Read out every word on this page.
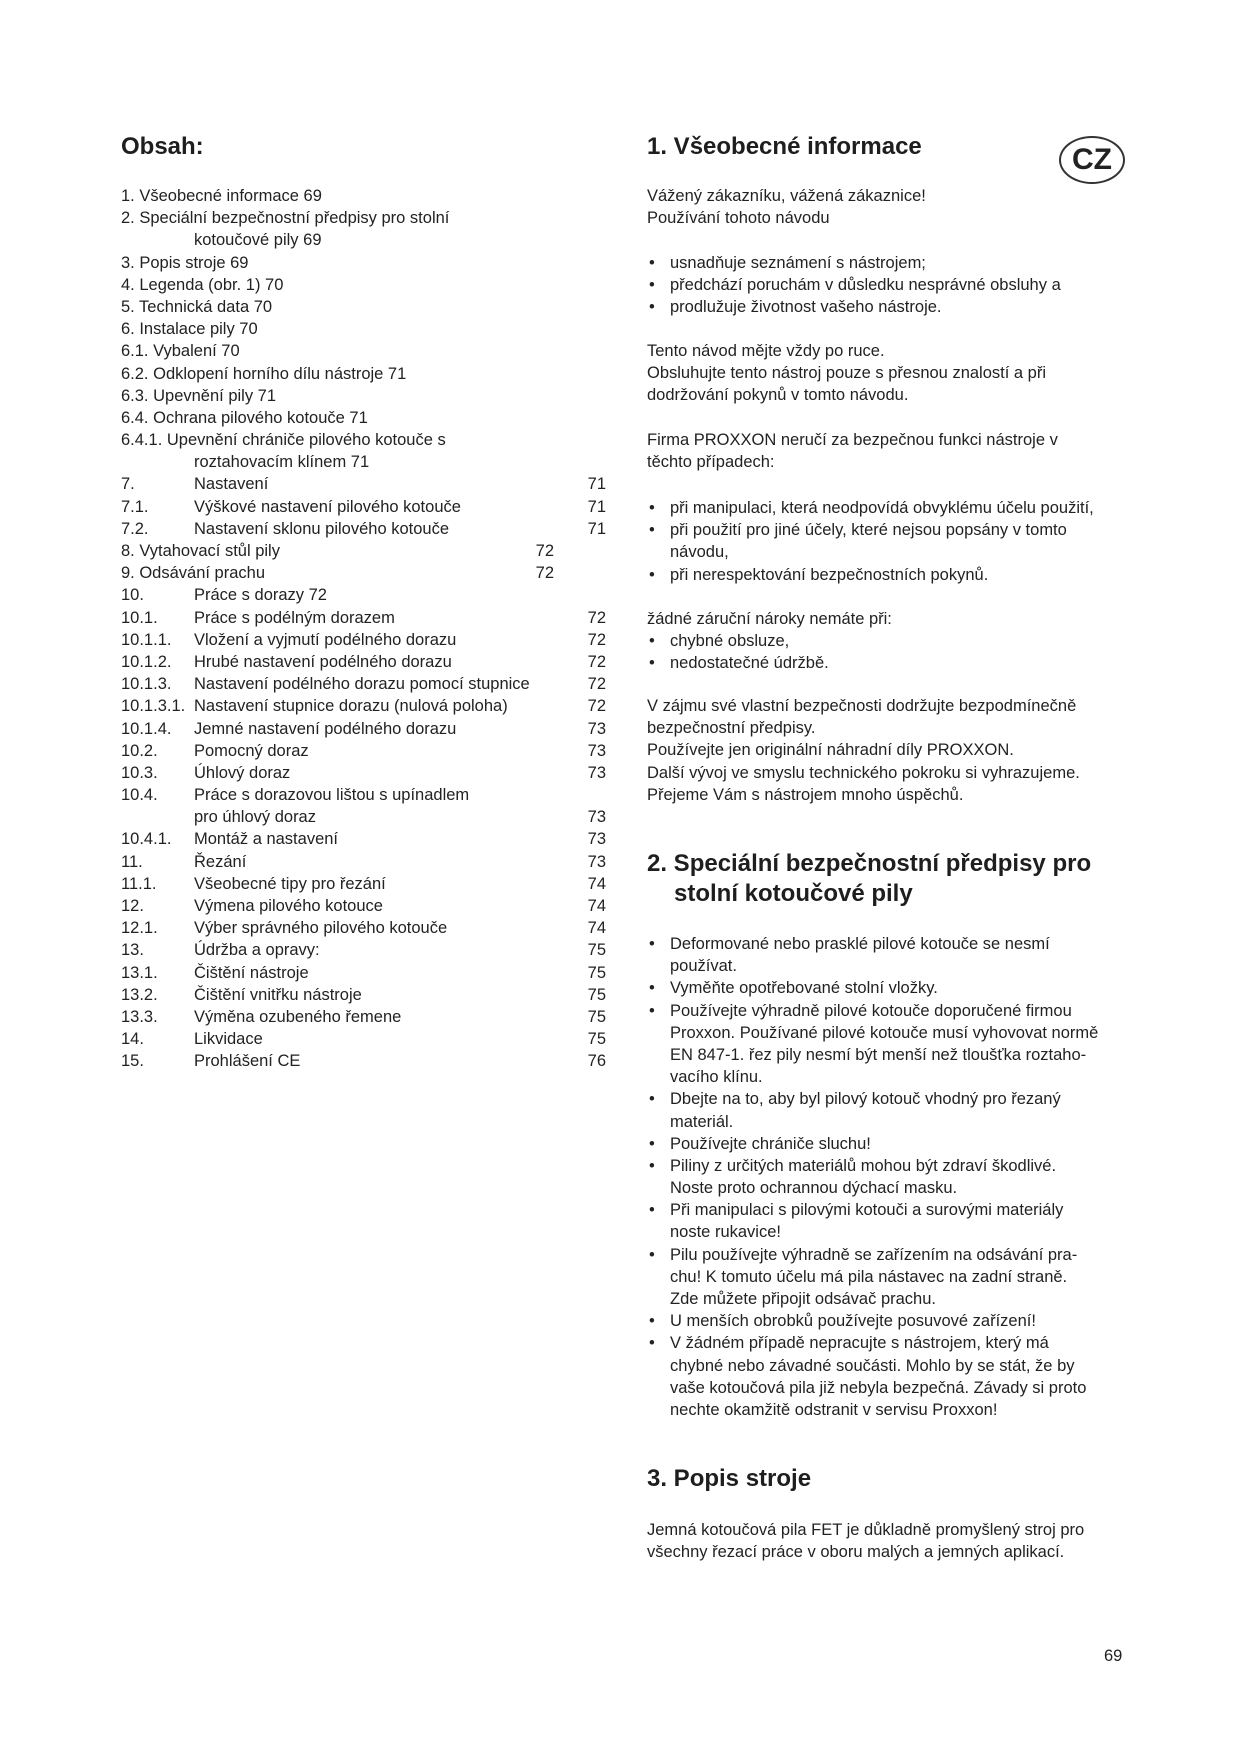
Obsah:
1. Všeobecné informace 69
2. Speciální bezpečnostní předpisy pro stolní
kotoučové pily 69
3. Popis stroje 69
4. Legenda (obr. 1) 70
5. Technická data 70
6. Instalace pily 70
6.1. Vybalení 70
6.2. Odklopení horního dílu nástroje 71
6.3. Upevnění pily 71
6.4. Ochrana pilového kotouče 71
6.4.1. Upevnění chrániče pilového kotouče s
roztahovacím klínem 71
7.	Nastavení	71
7.1.	Výškové nastavení pilového kotouče	71
7.2.	Nastavení sklonu pilového kotouče	71
8. Vytahovací stůl pily	72
9. Odsávání prachu	72
10.	Práce s dorazy 72
10.1. Práce s podélným dorazem	72
10.1.1. Vložení a vyjmutí podélného dorazu	72
10.1.2. Hrubé nastavení podélného dorazu	72
10.1.3. Nastavení podélného dorazu pomocí stupnice	72
10.1.3.1. Nastavení stupnice dorazu (nulová poloha)	72
10.1.4. Jemné nastavení podélného dorazu	73
10.2. Pomocný doraz	73
10.3. Úhlový doraz	73
10.4. Práce s dorazovou lištou s upínadlem
pro úhlový doraz	73
10.4.1. Montáž a nastavení	73
11.	Řezání	73
11.1. Všeobecné tipy pro řezání	74
12.	Výmena pilového kotouce	74
12.1. Výber správného pilového kotouče	74
13.	Údržba a opravy:	75
13.1. Čištění nástroje	75
13.2. Čištění vnitřku nástroje	75
13.3. Výměna ozubeného řemene	75
14.	Likvidace	75
15.	Prohlášení CE	76
1. Všeobecné informace	CZ
2. Speciální bezpečnostní předpisy pro
stolní kotoučové pily
3. Popis stroje
Vážený zákazníku, vážená zákaznice!
Používání tohoto návodu
• usnadňuje seznámení s nástrojem;
• předchází poruchám v důsledku nesprávné obsluhy a
• prodlužuje životnost vašeho nástroje.
Tento návod mějte vždy po ruce.
Obsluhujte tento nástroj pouze s přesnou znalostí a při
dodržování pokynů v tomto návodu.
Firma PROXXON neručí za bezpečnou funkci nástroje v
těchto případech:
• při manipulaci, která neodpovídá obvyklému účelu použití,
• při použití pro jiné účely, které nejsou popsány v tomto
návodu,
• při nerespektování bezpečnostních pokynů.
žádné záruční nároky nemáte při:
• chybné obsluze,
• nedostatečné údržbě.
V zájmu své vlastní bezpečnosti dodržujte bezpodmínečně
bezpečnostní předpisy.
Používejte jen originální náhradní díly PROXXON.
Další vývoj ve smyslu technického pokroku si vyhrazujeme.
Přejeme Vám s nástrojem mnoho úspěchů.
• Deformované nebo prasklé pilové kotouče se nesmí
používat.
• Vyměňte opotřebované stolní vložky.
• Používejte výhradně pilové kotouče doporučené firmou
Proxxon. Používané pilové kotouče musí vyhovovat normě
EN 847-1. řez pily nesmí být menší než tloušťka roztaho-
vacího klínu.
• Dbejte na to, aby byl pilový kotouč vhodný pro řezaný
materiál.
• Používejte chrániče sluchu!
• Piliny z určitých materiálů mohou být zdraví škodlivé.
Noste proto ochrannou dýchací masku.
• Při manipulaci s pilovými kotouči a surovými materiály
noste rukavice!
• Pilu používejte výhradně se zařízením na odsávání pra-
chu! K tomuto účelu má pila nástavec na zadní straně.
Zde můžete připojit odsávač prachu.
• U menších obrobků používejte posuvové zařízení!
• V žádném případě nepracujte s nástrojem, který má
chybné nebo závadné součásti. Mohlo by se stát, že by
vaše kotoučová pila již nebyla bezpečná. Závady si proto
nechte okamžitě odstranit v servisu Proxxon!
Jemná kotoučová pila FET je důkladně promyšlený stroj pro
všechny řezací práce v oboru malých a jemných aplikací.
69
